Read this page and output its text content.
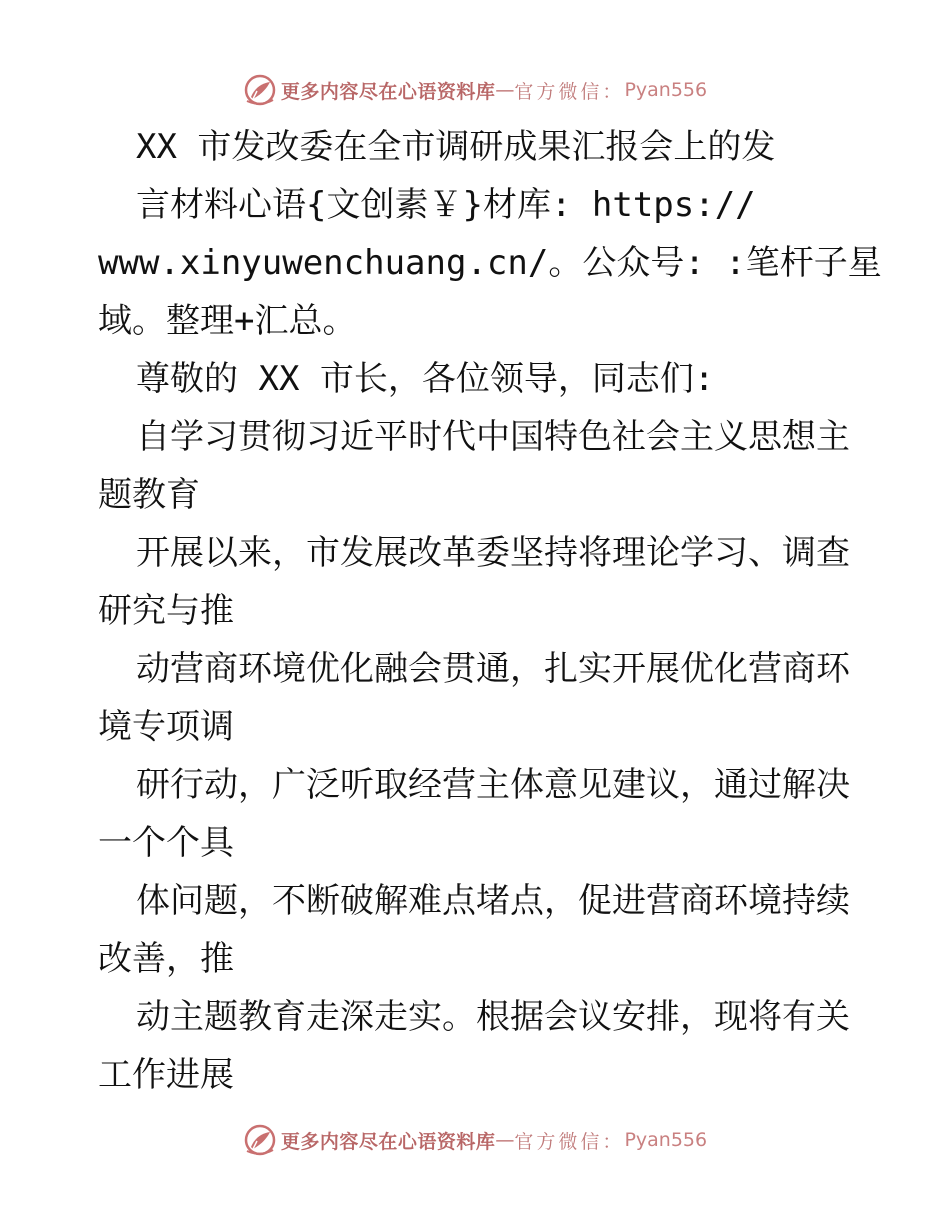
更多内容尽在心语资料库 — 官方微信： Pyan556
XX 市发改委在全市调研成果汇报会上的发
言材料心语{文创素￥}材库: https://
www.xinyuwenchuang.cn/。公众号: :笔杆子星
域。整理+汇总。
尊敬的 XX 市长，各位领导，同志们:
自学习贯彻习近平时代中国特色社会主义思想主
题教育
开展以来，市发展改革委坚持将理论学习、调查
研究与推
动营商环境优化融会贯通，扎实开展优化营商环
境专项调
研行动，广泛听取经营主体意见建议，通过解决
一个个具
体问题，不断破解难点堵点，促进营商环境持续
改善，推
动主题教育走深走实。根据会议安排，现将有关
工作进展
更多内容尽在心语资料库 — 官方微信： Pyan556
